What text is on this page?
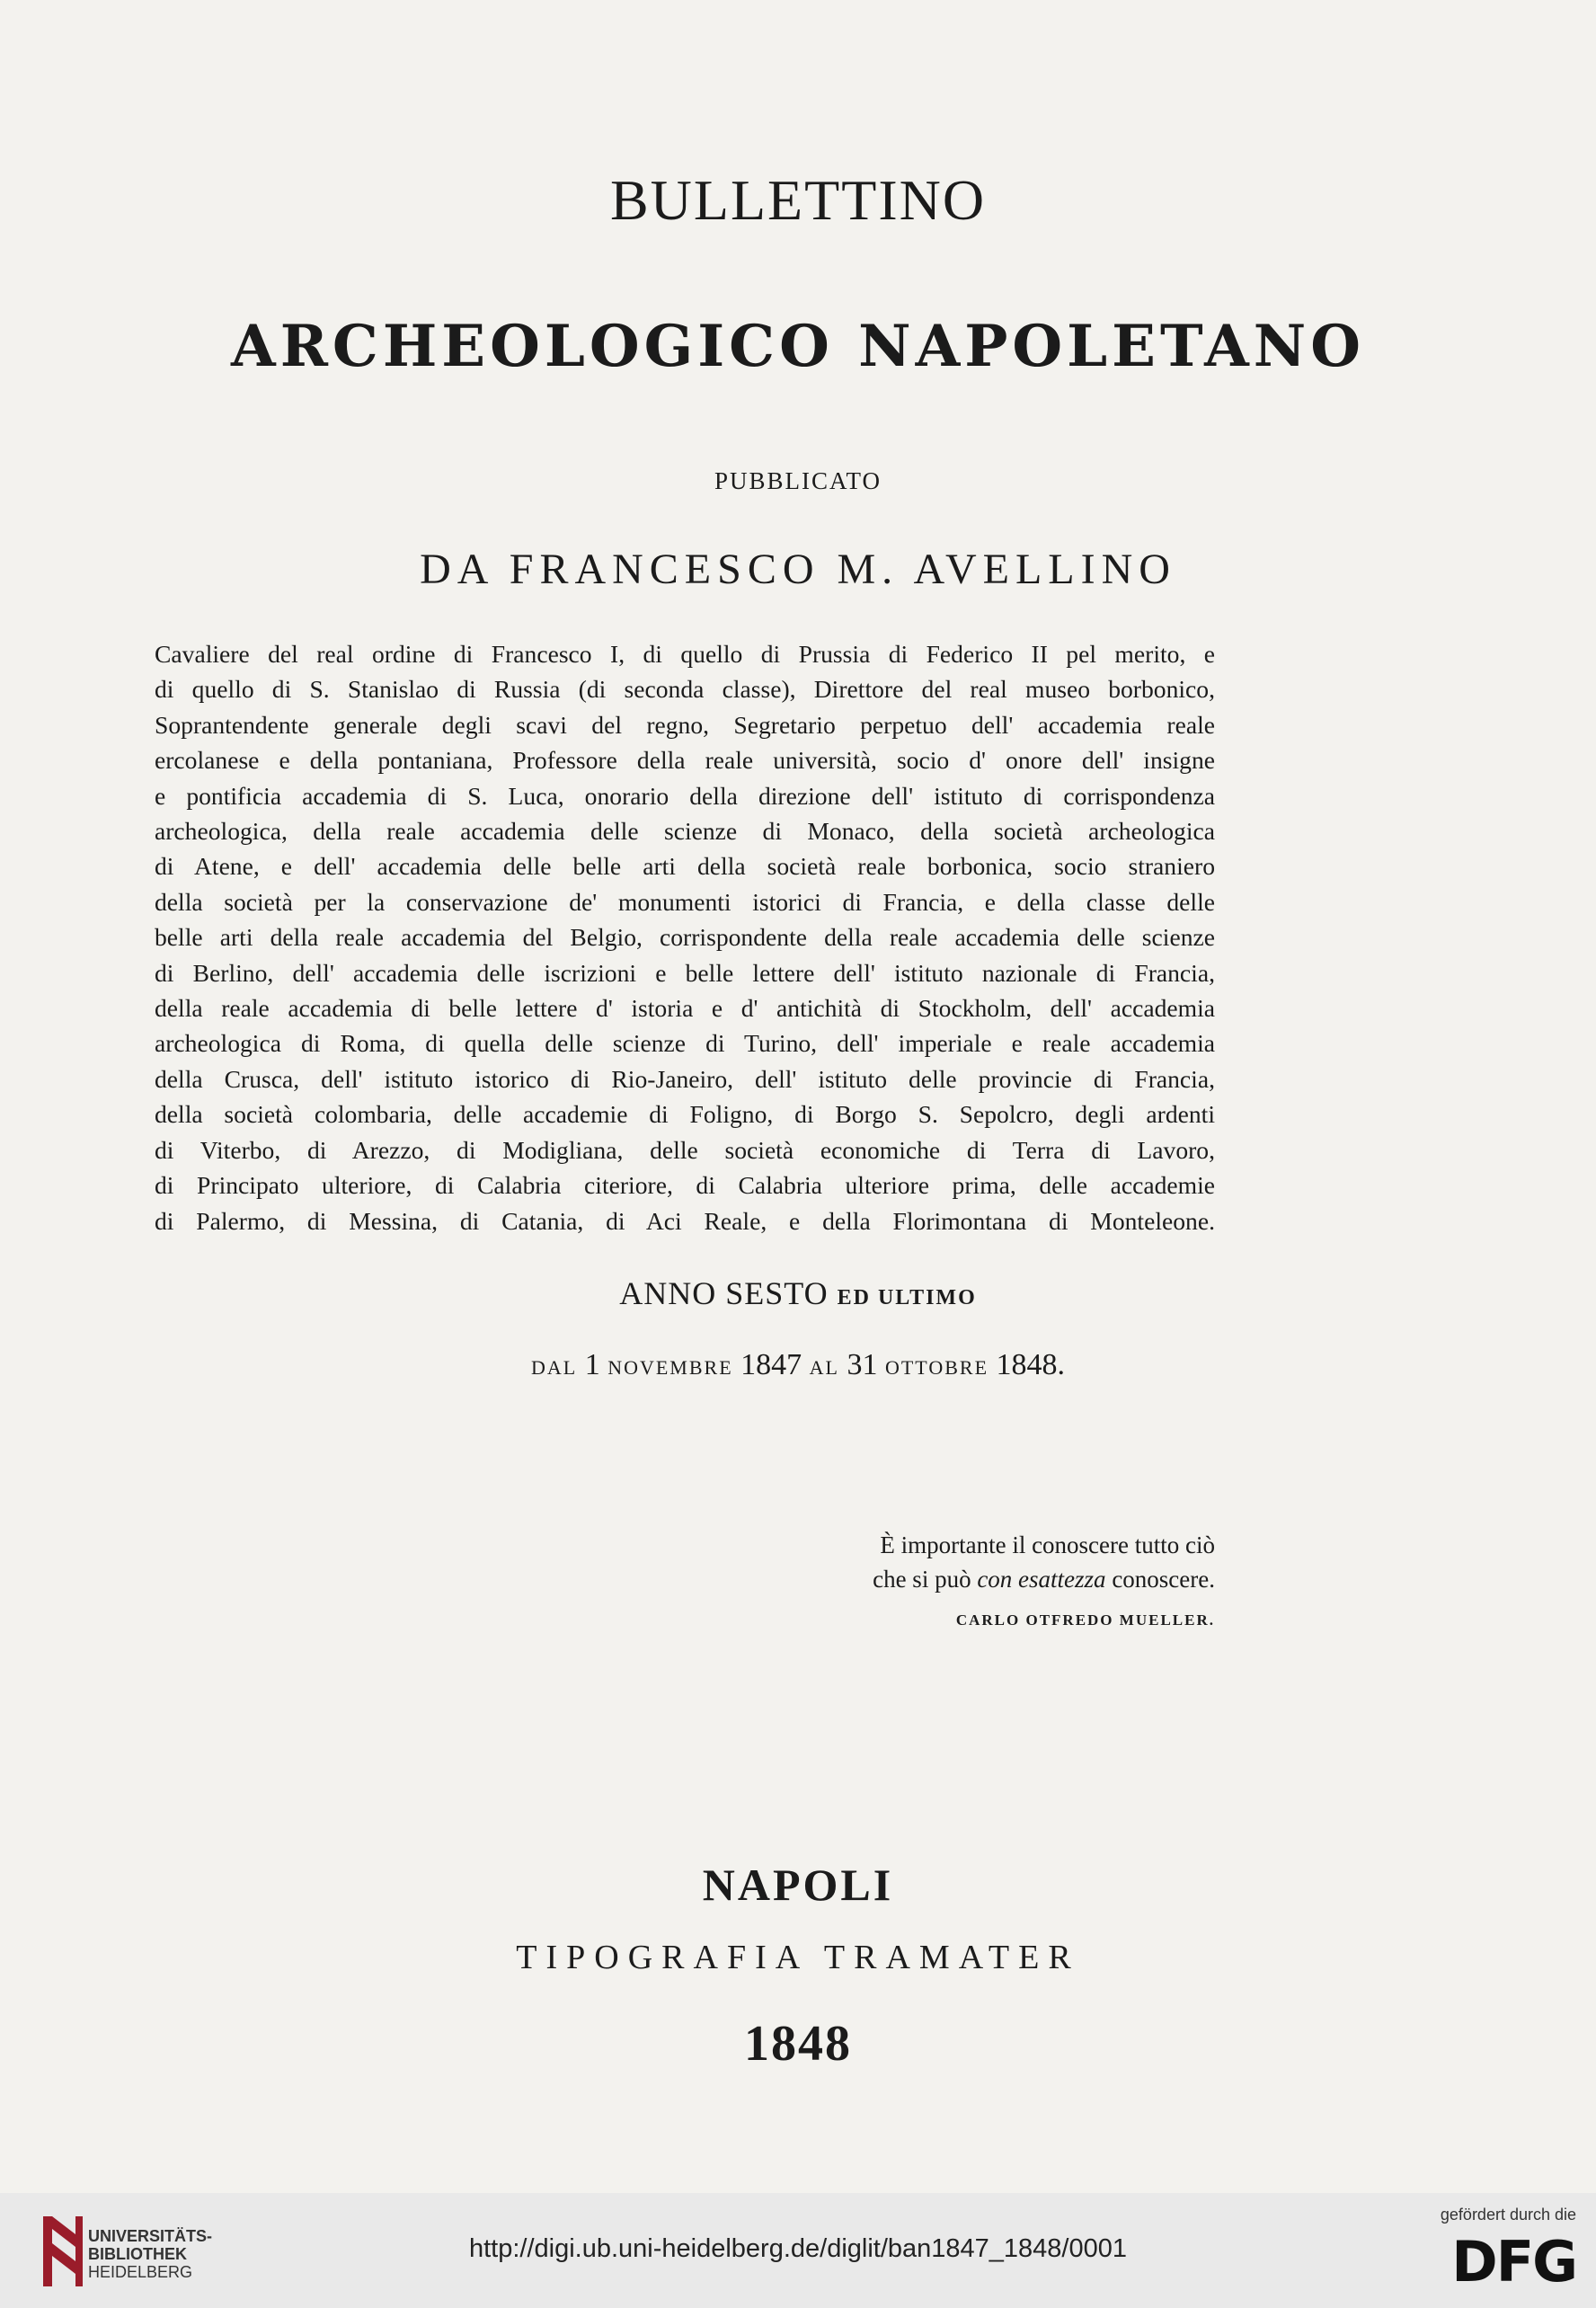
BULLETTINO
ARCHEOLOGICO NAPOLETANO
PUBBLICATO
DA FRANCESCO M. AVELLINO
Cavaliere del real ordine di Francesco I, di quello di Prussia di Federico II pel merito, e
di quello di S. Stanislao di Russia (di seconda classe), Direttore del real museo borbonico,
Soprantendente generale degli scavi del regno, Segretario perpetuo dell' accademia reale
ercolanese e della pontaniana, Professore della reale università, socio d' onore dell' insigne
e pontificia accademia di S. Luca, onorario della direzione dell' istituto di corrispondenza
archeologica, della reale accademia delle scienze di Monaco, della società archeologica
di Atene, e dell' accademia delle belle arti della società reale borbonica, socio straniero
della società per la conservazione de' monumenti istorici di Francia, e della classe delle
belle arti della reale accademia del Belgio, corrispondente della reale accademia delle scienze
di Berlino, dell' accademia delle iscrizioni e belle lettere dell' istituto nazionale di Francia,
della reale accademia di belle lettere d' istoria e d' antichità di Stockholm, dell' accademia
archeologica di Roma, di quella delle scienze di Turino, dell' imperiale e reale accademia
della Crusca, dell' istituto istorico di Rio-Janeiro, dell' istituto delle provincie di Francia,
della società colombaria, delle accademie di Foligno, di Borgo S. Sepolcro, degli ardenti
di Viterbo, di Arezzo, di Modigliana, delle società economiche di Terra di Lavoro,
di Principato ulteriore, di Calabria citeriore, di Calabria ulteriore prima, delle accademie
di Palermo, di Messina, di Catania, di Aci Reale, e della Florimontana di Monteleone.
ANNO SESTO ED ULTIMO
DAL 1 NOVEMBRE 1847 AL 31 OTTOBRE 1848.
È importante il conoscere tutto ciò
che si può con esattezza conoscere.
CARLO OTFREDO MUELLER.
NAPOLI
TIPOGRAFIA TRAMATER
1848
UNIVERSITÄTS-
BIBLIOTHEK
HEIDELBERG
http://digi.ub.uni-heidelberg.de/diglit/ban1847_1848/0001
gefördert durch die
DFG
